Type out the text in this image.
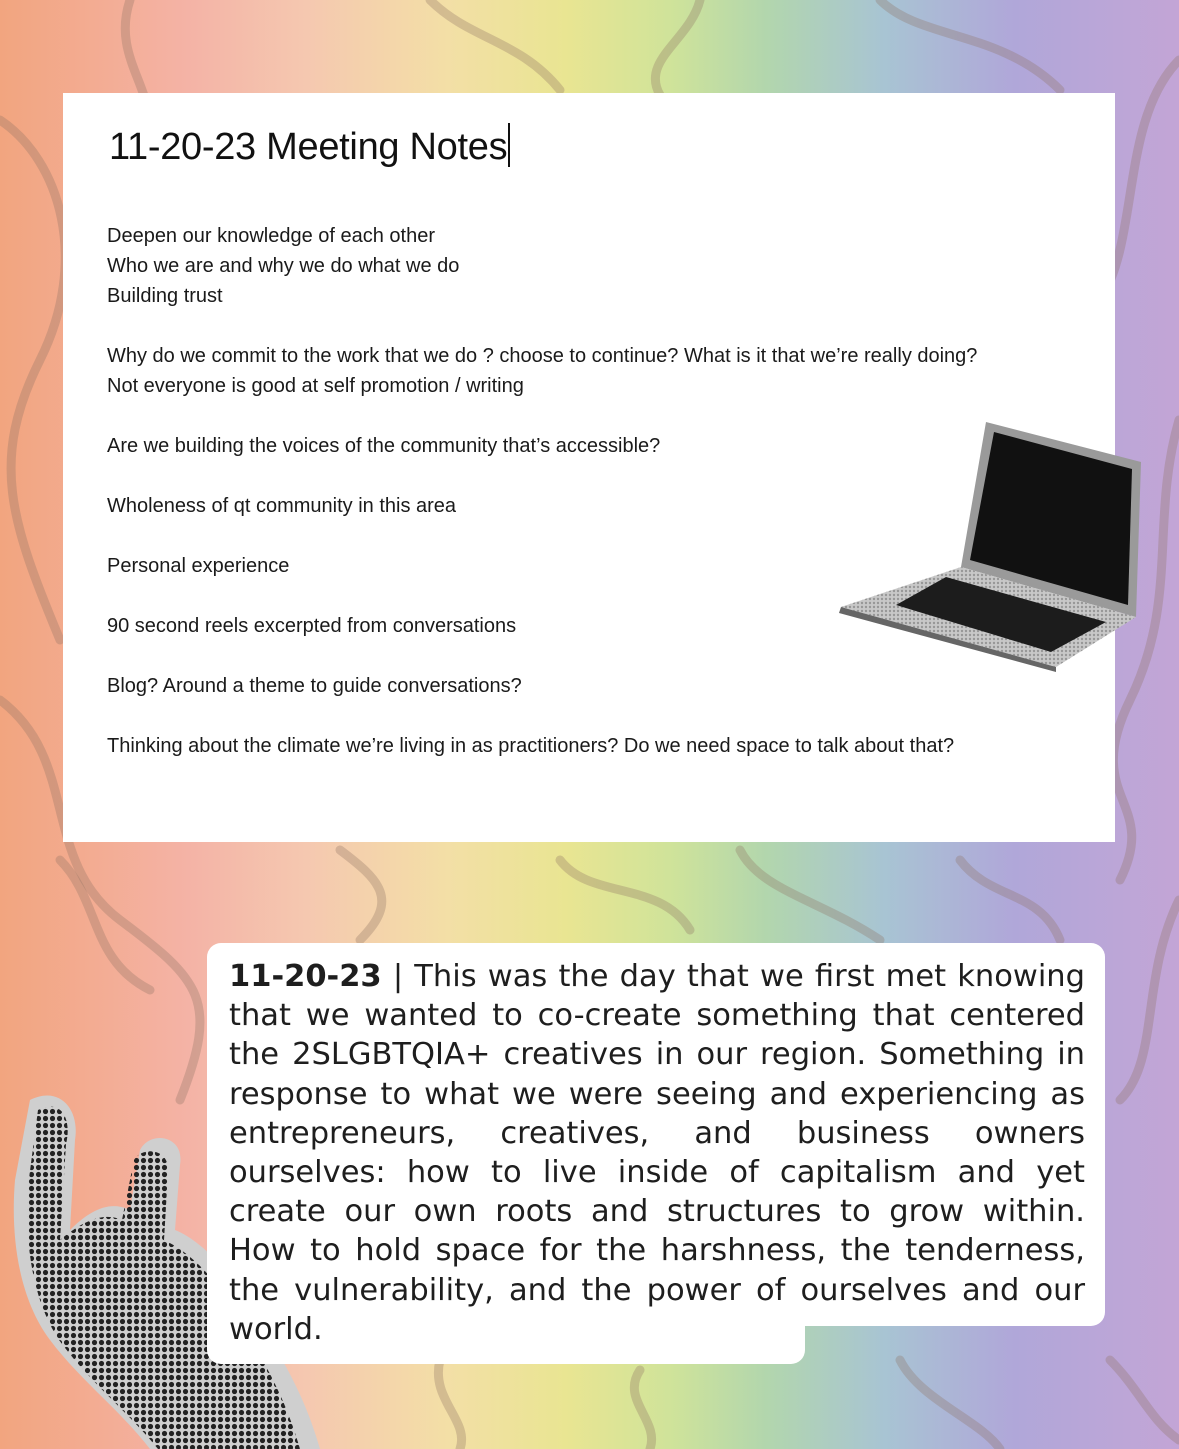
11-20-23 Meeting Notes

Deepen our knowledge of each other

Who we are and why we do what we do

Building trust

Why do we commit to the work that we do ? choose to continue? What is it that we’re really doing?

Not everyone is good at self promotion / writing

Are we building the voices of the community that’s accessible?

Wholeness of qt community in this area

Personal experience

90 second reels excerpted from conversations

Blog? Around a theme to guide conversations?

Thinking about the climate we’re living in as practitioners? Do we need space to talk about that?

11-20-23 | This was the day that we first met knowing that we wanted to co-create something that centered the 2SLGBTQIA+ creatives in our region. Something in response to what we were seeing and experiencing as entrepreneurs, creatives, and business owners ourselves: how to live inside of capitalism and yet create our own roots and structures to grow within. How to hold space for the harshness, the tenderness, the vulnerability, and the power of ourselves and our world.
